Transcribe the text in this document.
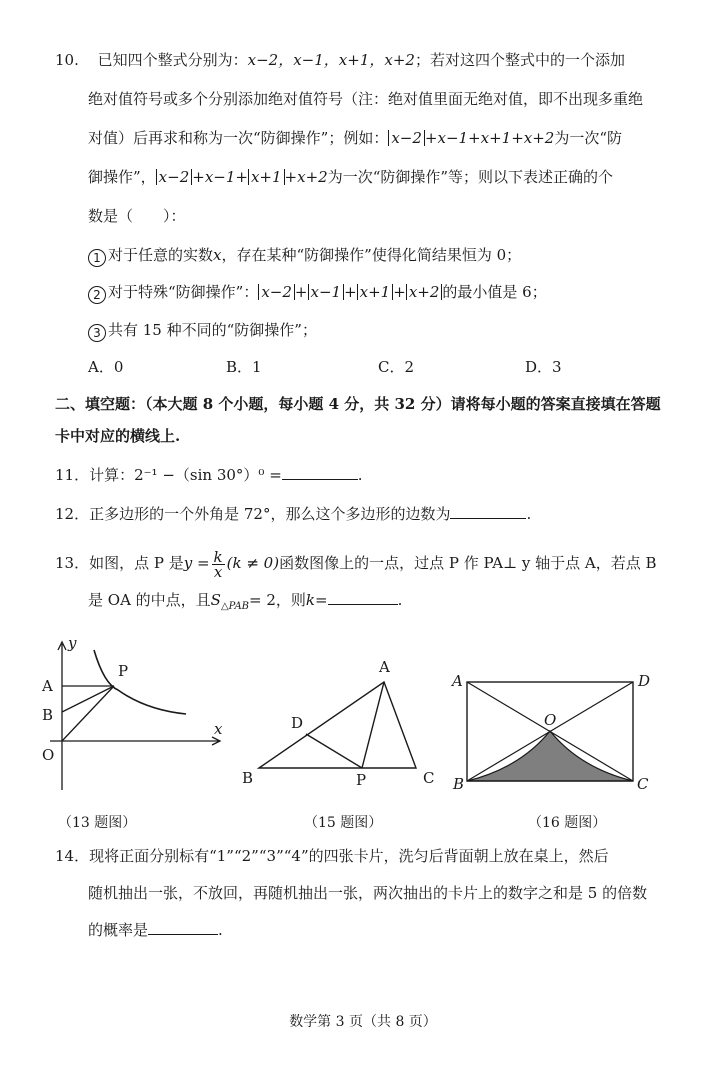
10. 已知四个整式分别为：x−2，x−1，x+1，x+2；若对这四个整式中的一个添加
绝对值符号或多个分别添加绝对值符号（注：绝对值里面无绝对值，即不出现多重绝
对值）后再求和称为一次“防御操作”；例如： x−2 +x−1+x+1+x+2为一次“防
御操作”， x−2 +x−1+ x+1 +x+2为一次“防御操作”等；则以下表述正确的个
数是（　　）：
1 对于任意的实数x，存在某种“防御操作”使得化简结果恒为 0；
2 对于特殊“防御操作”： x−2 + x−1 + x+1 + x+2 的最小值是 6；
3 共有 15 种不同的“防御操作”；
A．0	B．1	C．2	D．3
二、填空题：（本大题 8 个小题，每小题 4 分，共 32 分）请将每小题的答案直接填在答题
卡中对应的横线上.
11．计算：2⁻¹ −（sin 30°）⁰ =	.
12．正多边形的一个外角是 72°，那么这个多边形的边数为	.
13．如图，点 P 是$y = \frac{k}{x} (k \ne 0)$函数图像上的一点，过点 P 作 PA⊥ y 轴于点 A，若点 B
是 OA 的中点，且$S_{\triangle PAB}= 2$，则k=	.
y
x
A
B
O
P
（13 题图）
A
B	C
D
P
（15 题图）
A	D
B	C
O
（16 题图）
14．现将正面分别标有“1”“2”“3”“4”的四张卡片，洗匀后背面朝上放在桌上，然后
随机抽出一张，不放回，再随机抽出一张，两次抽出的卡片上的数字之和是 5 的倍数
的概率是	.
数学第 3 页（共 8 页）
